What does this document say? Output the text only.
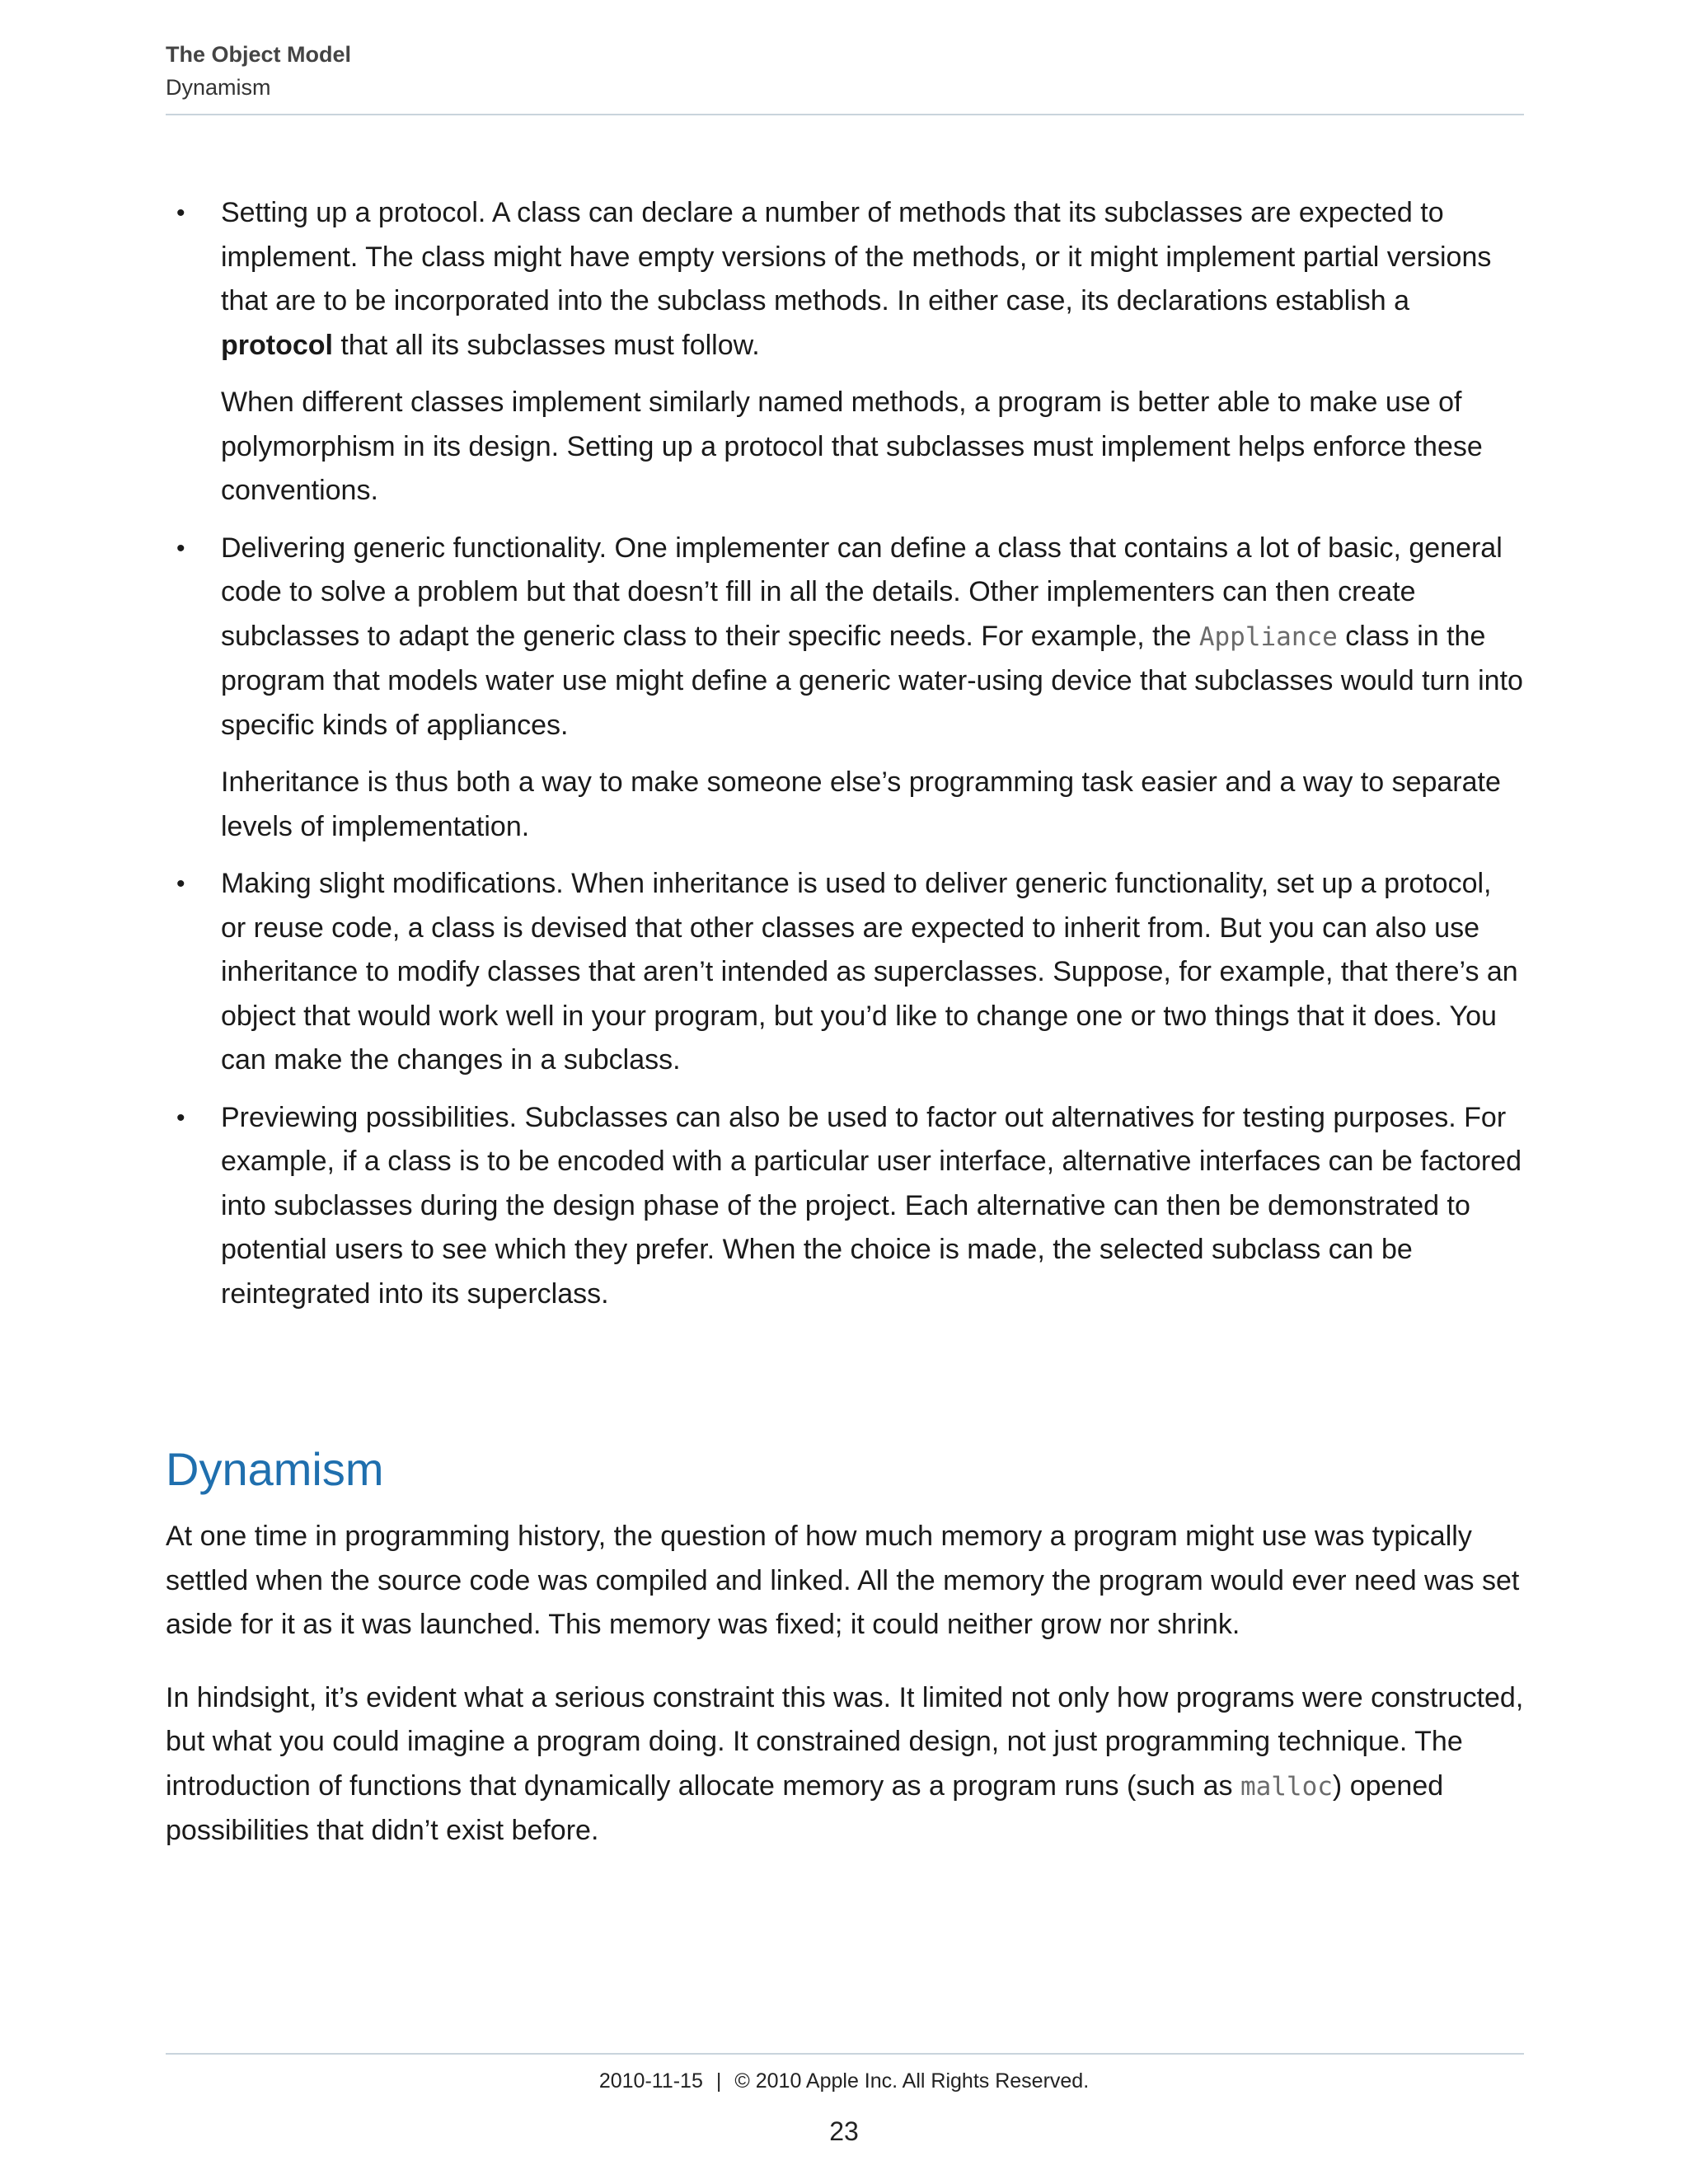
The Object Model
Dynamism
• Setting up a protocol. A class can declare a number of methods that its subclasses are expected to implement. The class might have empty versions of the methods, or it might implement partial versions that are to be incorporated into the subclass methods. In either case, its declarations establish a protocol that all its subclasses must follow.

When different classes implement similarly named methods, a program is better able to make use of polymorphism in its design. Setting up a protocol that subclasses must implement helps enforce these conventions.

• Delivering generic functionality. One implementer can define a class that contains a lot of basic, general code to solve a problem but that doesn’t fill in all the details. Other implementers can then create subclasses to adapt the generic class to their specific needs. For example, the Appliance class in the program that models water use might define a generic water-using device that subclasses would turn into specific kinds of appliances.

Inheritance is thus both a way to make someone else’s programming task easier and a way to separate levels of implementation.

• Making slight modifications. When inheritance is used to deliver generic functionality, set up a protocol, or reuse code, a class is devised that other classes are expected to inherit from. But you can also use inheritance to modify classes that aren’t intended as superclasses. Suppose, for example, that there’s an object that would work well in your program, but you’d like to change one or two things that it does. You can make the changes in a subclass.

• Previewing possibilities. Subclasses can also be used to factor out alternatives for testing purposes. For example, if a class is to be encoded with a particular user interface, alternative interfaces can be factored into subclasses during the design phase of the project. Each alternative can then be demonstrated to potential users to see which they prefer. When the choice is made, the selected subclass can be reintegrated into its superclass.

Dynamism

At one time in programming history, the question of how much memory a program might use was typically settled when the source code was compiled and linked. All the memory the program would ever need was set aside for it as it was launched. This memory was fixed; it could neither grow nor shrink.

In hindsight, it’s evident what a serious constraint this was. It limited not only how programs were constructed, but what you could imagine a program doing. It constrained design, not just programming technique. The introduction of functions that dynamically allocate memory as a program runs (such as malloc) opened possibilities that didn’t exist before.

2010-11-15 | © 2010 Apple Inc. All Rights Reserved.
23
